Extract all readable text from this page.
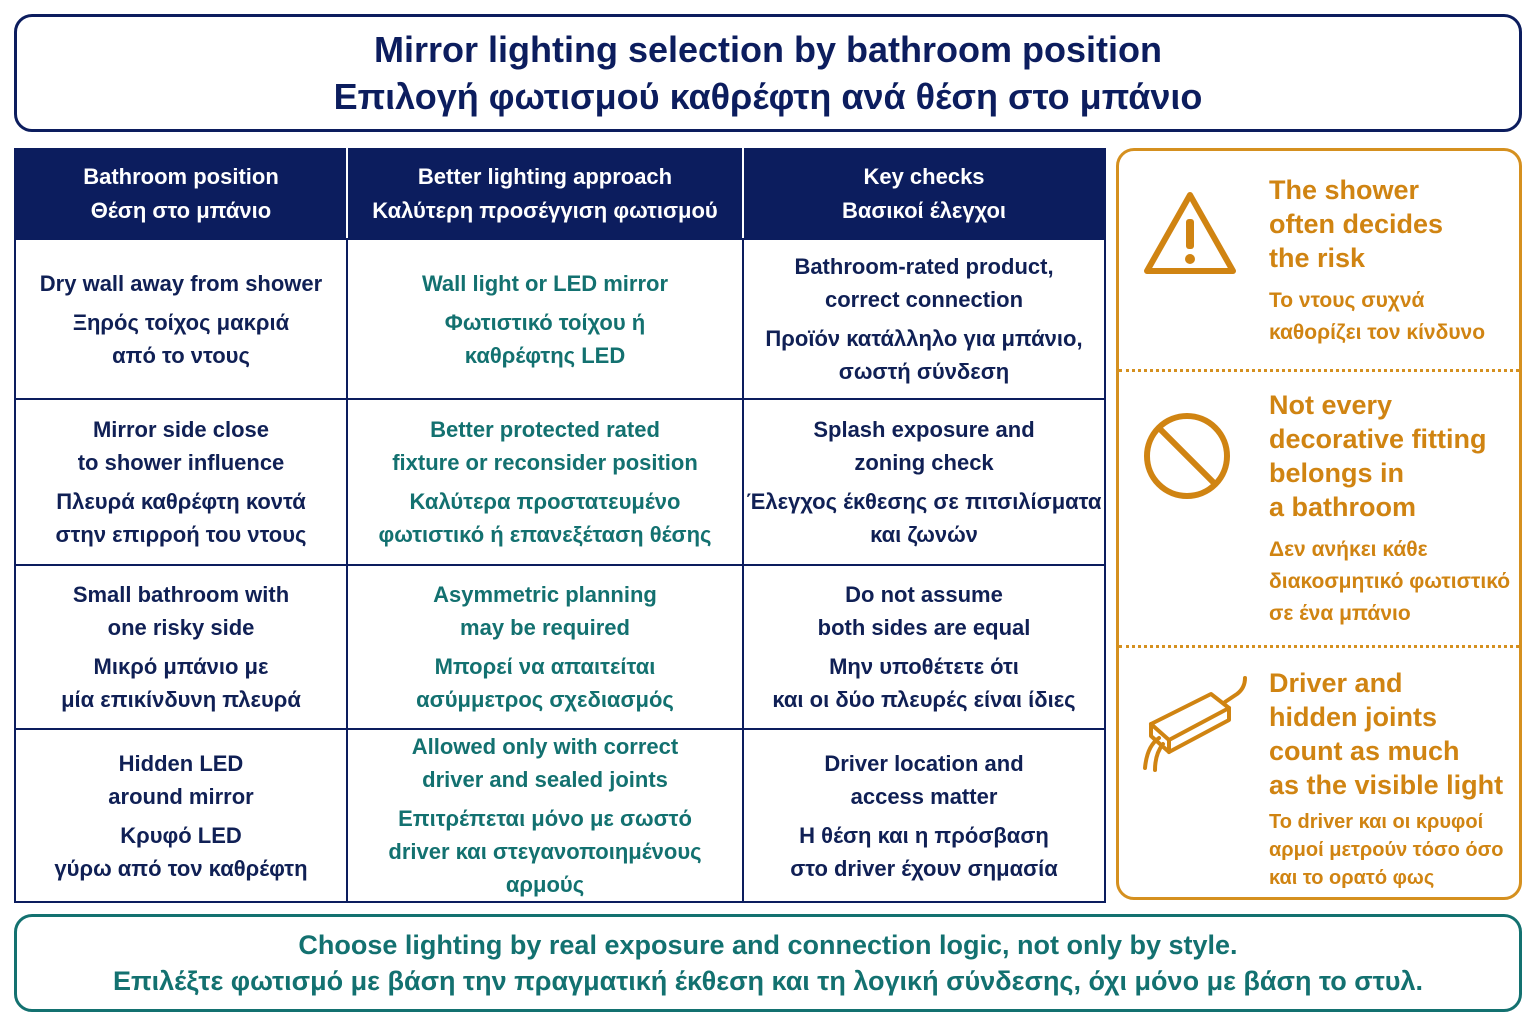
Mirror lighting selection by bathroom position
Επιλογή φωτισμού καθρέφτη ανά θέση στο μπάνιο
Bathroom position
Θέση στο μπάνιο	Better lighting approach
Καλύτερη προσέγγιση φωτισμού	Key checks
Βασικοί έλεγχοι

Dry wall away from shower
Ξηρός τοίχος μακριά
από το ντους	Wall light or LED mirror
Φωτιστικό τοίχου ή
καθρέφτης LED	Bathroom-rated product,
correct connection
Προϊόν κατάλληλο για μπάνιο,
σωστή σύνδεση

Mirror side close
to shower influence
Πλευρά καθρέφτη κοντά
στην επιρροή του ντους	Better protected rated
fixture or reconsider position
Καλύτερα προστατευμένο
φωτιστικό ή επανεξέταση θέσης	Splash exposure and
zoning check
Έλεγχος έκθεσης σε πιτσιλίσματα
και ζωνών

Small bathroom with
one risky side
Μικρό μπάνιο με
μία επικίνδυνη πλευρά	Asymmetric planning
may be required
Μπορεί να απαιτείται
ασύμμετρος σχεδιασμός	Do not assume
both sides are equal
Μην υποθέτετε ότι
και οι δύο πλευρές είναι ίδιες

Hidden LED
around mirror
Κρυφό LED
γύρω από τον καθρέφτη	Allowed only with correct
driver and sealed joints
Επιτρέπεται μόνο με σωστό
driver και στεγανοποιημένους αρμούς	Driver location and
access matter
Η θέση και η πρόσβαση
στο driver έχουν σημασία
The shower
often decides
the risk
Το ντους συχνά
καθορίζει τον κίνδυνο
Not every
decorative fitting
belongs in
a bathroom
Δεν ανήκει κάθε
διακοσμητικό φωτιστικό
σε ένα μπάνιο
Driver and
hidden joints
count as much
as the visible light
Το driver και οι κρυφοί
αρμοί μετρούν τόσο όσο
και το ορατό φως
Choose lighting by real exposure and connection logic, not only by style.
Επιλέξτε φωτισμό με βάση την πραγματική έκθεση και τη λογική σύνδεσης, όχι μόνο με βάση το στυλ.
